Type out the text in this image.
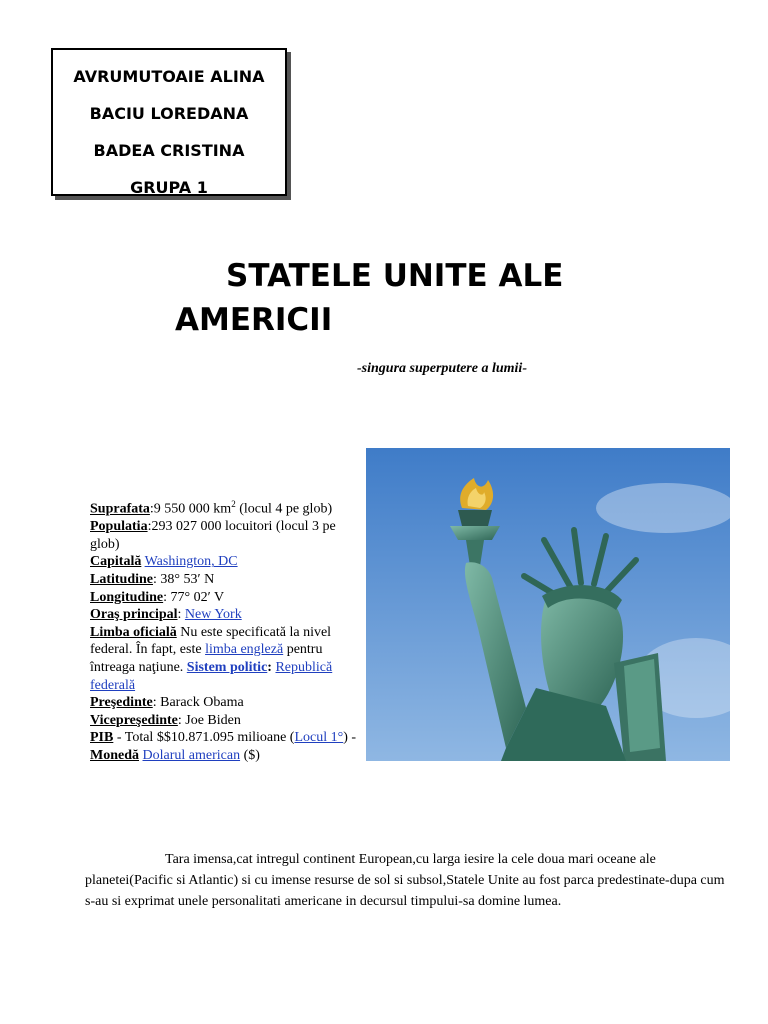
AVRUMUTOAIE ALINA
BACIU LOREDANA
BADEA CRISTINA
GRUPA 1
STATELE UNITE ALE
AMERICII
-singura superputere a lumii-
Suprafata:9 550 000 $km^2$ (locul 4 pe glob)
Populatia:293 027 000 locuitori (locul 3 pe glob)
Capitală Washington, DC
Latitudine: 38° 53′ N
Longitudine: 77° 02′ V
Oraş principal: New York
Limba oficială Nu este specificată la nivel federal. În fapt, este limba engleză pentru întreaga naţiune. Sistem politic: Republică federală
Preşedinte: Barack Obama
Vicepreşedinte: Joe Biden
PIB - Total $$10.871.095 milioane (Locul 1°) -
Monedă Dolarul american ($)
Tara imensa,cat intregul continent European,cu larga iesire la cele doua mari oceane ale planetei(Pacific si Atlantic) si cu imense resurse de sol si subsol,Statele Unite au fost parca predestinate-dupa cum s-au si exprimat unele personalitati americane in decursul timpului-sa domine lumea.
